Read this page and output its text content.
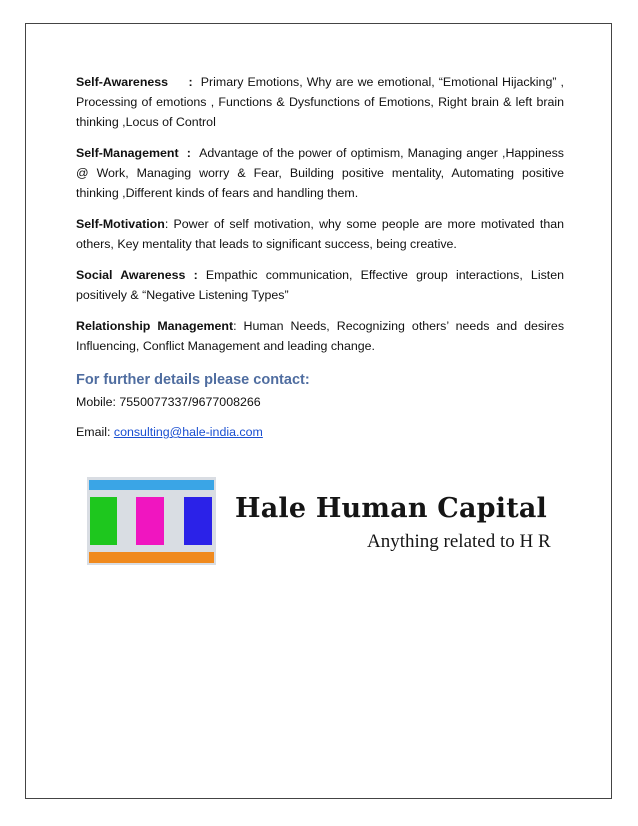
Self-Awareness     :  Primary Emotions, Why are we emotional, “Emotional Hijacking” , Processing of emotions , Functions & Dysfunctions of Emotions, Right brain & left brain thinking ,Locus of Control

Self-Management  :  Advantage of the power of optimism, Managing anger ,Happiness @ Work, Managing worry & Fear, Building positive mentality, Automating positive thinking ,Different kinds of fears and handling them.

Self-Motivation: Power of self motivation, why some people are more motivated than others, Key mentality that leads to significant success, being creative.

Social Awareness : Empathic communication, Effective group interactions, Listen positively & “Negative Listening Types”

Relationship Management: Human Needs, Recognizing others’ needs and desires Influencing, Conflict Management and leading change.

For further details please contact:

Mobile: 7550077337/9677008266

Email: consulting@hale-india.com

Hale Human Capital
Anything related to H R
